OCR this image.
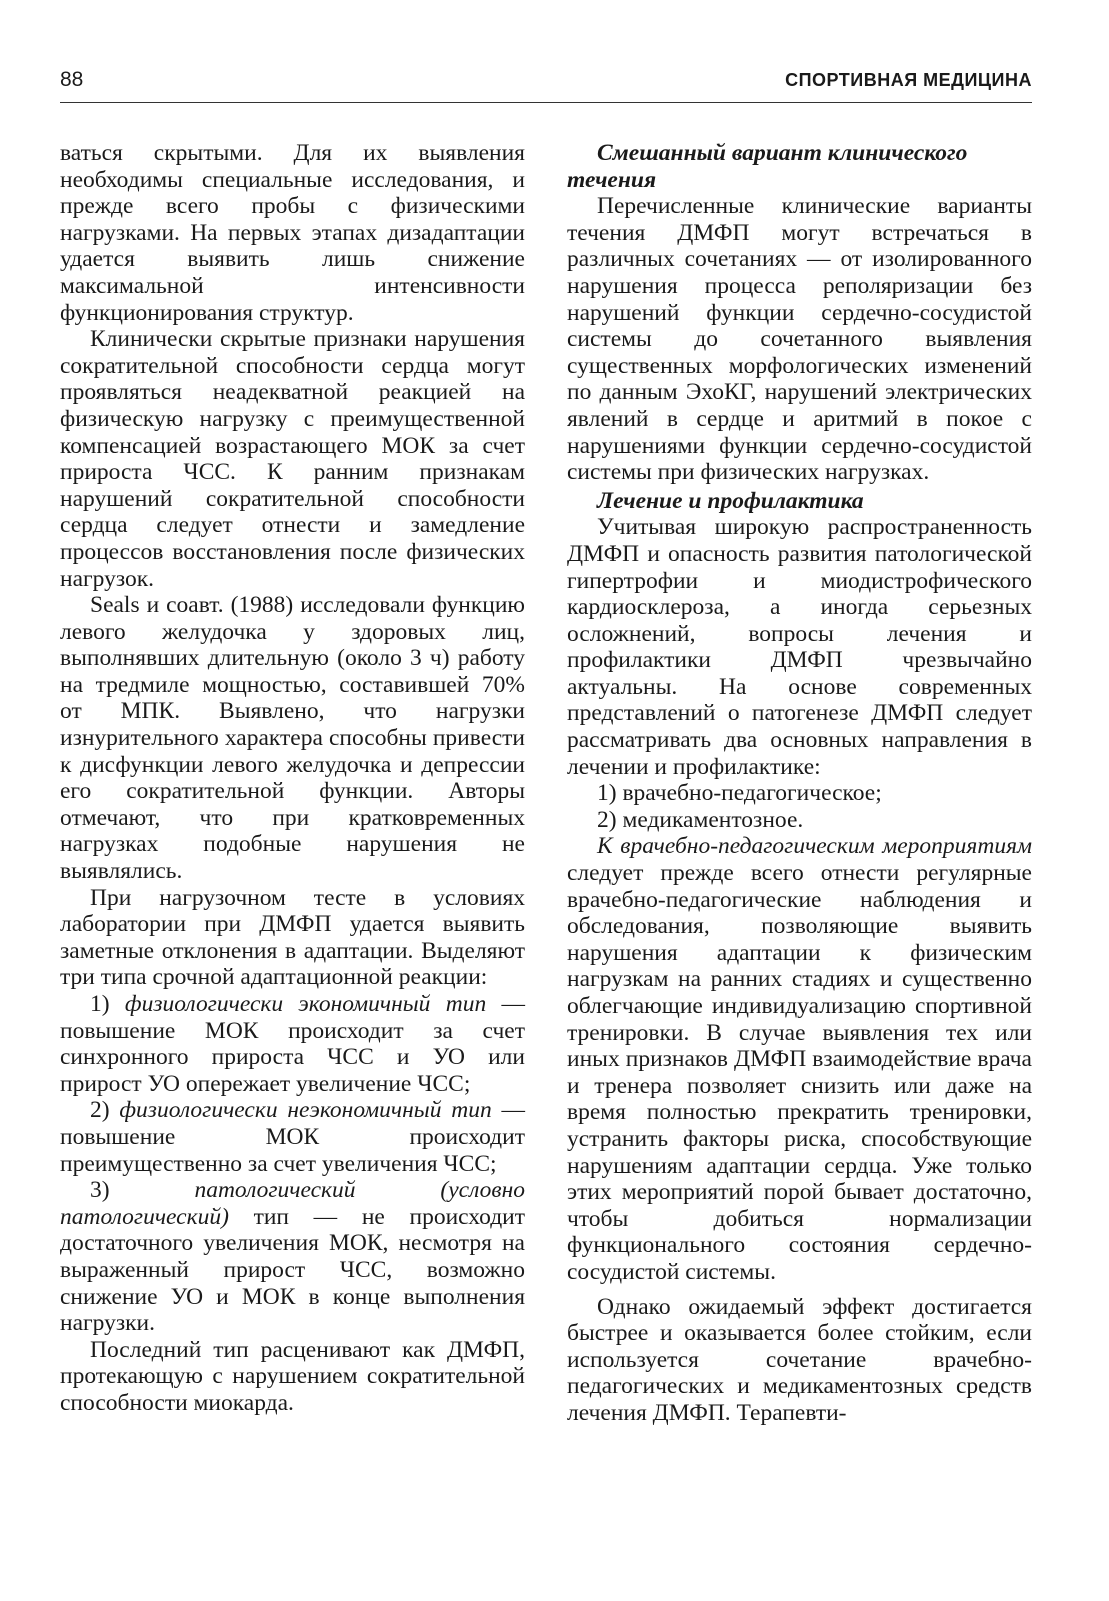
88	СПОРТИВНАЯ МЕДИЦИНА

ваться скрытыми. Для их выявления необходимы специальные исследования, и прежде всего пробы с физическими нагрузками. На первых этапах дизадаптации удается выявить лишь снижение максимальной интенсивности функционирования структур.

Клинически скрытые признаки нарушения сократительной способности сердца могут проявляться неадекватной реакцией на физическую нагрузку с преимущественной компенсацией возрастающего МОК за счет прироста ЧСС. К ранним признакам нарушений сократительной способности сердца следует отнести и замедление процессов восстановления после физических нагрузок.

Seals и соавт. (1988) исследовали функцию левого желудочка у здоровых лиц, выполнявших длительную (около 3 ч) работу на тредмиле мощностью, составившей 70% от МПК. Выявлено, что нагрузки изнурительного характера способны привести к дисфункции левого желудочка и депрессии его сократительной функции. Авторы отмечают, что при кратковременных нагрузках подобные нарушения не выявлялись.

При нагрузочном тесте в условиях лаборатории при ДМФП удается выявить заметные отклонения в адаптации. Выделяют три типа срочной адаптационной реакции:

1) физиологически экономичный тип — повышение МОК происходит за счет синхронного прироста ЧСС и УО или прирост УО опережает увеличение ЧСС;

2) физиологически неэкономичный тип — повышение МОК происходит преимущественно за счет увеличения ЧСС;

3) патологический (условно патологический) тип — не происходит достаточного увеличения МОК, несмотря на выраженный прирост ЧСС, возможно снижение УО и МОК в конце выполнения нагрузки.

Последний тип расценивают как ДМФП, протекающую с нарушением сократительной способности миокарда.

Смешанный вариант клинического течения

Перечисленные клинические варианты течения ДМФП могут встречаться в различных сочетаниях — от изолированного нарушения процесса реполяризации без нарушений функции сердечно-сосудистой системы до сочетанного выявления существенных морфологических изменений по данным ЭхоКГ, нарушений электрических явлений в сердце и аритмий в покое с нарушениями функции сердечно-сосудистой системы при физических нагрузках.

Лечение и профилактика

Учитывая широкую распространенность ДМФП и опасность развития патологической гипертрофии и миодистрофического кардиосклероза, а иногда серьезных осложнений, вопросы лечения и профилактики ДМФП чрезвычайно актуальны. На основе современных представлений о патогенезе ДМФП следует рассматривать два основных направления в лечении и профилактике:

1) врачебно-педагогическое;

2) медикаментозное.

К врачебно-педагогическим мероприятиям следует прежде всего отнести регулярные врачебно-педагогические наблюдения и обследования, позволяющие выявить нарушения адаптации к физическим нагрузкам на ранних стадиях и существенно облегчающие индивидуализацию спортивной тренировки. В случае выявления тех или иных признаков ДМФП взаимодействие врача и тренера позволяет снизить или даже на время полностью прекратить тренировки, устранить факторы риска, способствующие нарушениям адаптации сердца. Уже только этих мероприятий порой бывает достаточно, чтобы добиться нормализации функционального состояния сердечно-сосудистой системы.

Однако ожидаемый эффект достигается быстрее и оказывается более стойким, если используется сочетание врачебно-педагогических и медикаментозных средств лечения ДМФП. Терапевти-
